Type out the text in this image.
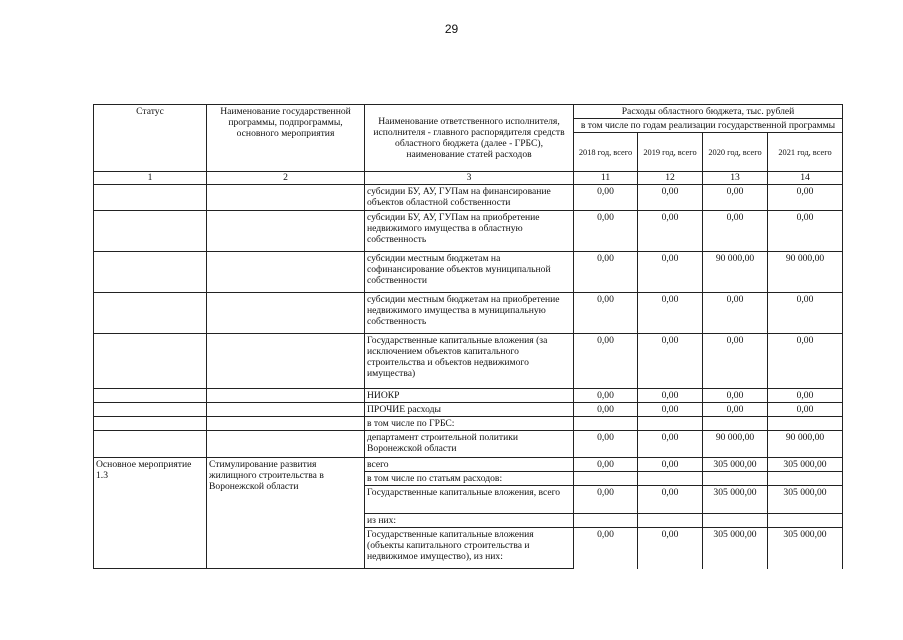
29
Статус	Наименование государственной программы, подпрограммы, основного мероприятия	Наименование ответственного исполнителя, исполнителя - главного распорядителя средств областного бюджета (далее - ГРБС), наименование статей расходов	Расходы областного бюджета, тыс. рублей			
			в том числе по годам реализации государственной программы			
			2018 год, всего	2019 год, всего	2020 год, всего	2021 год, всего
1	2	3	11	12	13	14
		субсидии БУ, АУ, ГУПам на финансирование объектов областной собственности	0,00	0,00	0,00	0,00
		субсидии БУ, АУ, ГУПам на приобретение недвижимого имущества в областную собственность	0,00	0,00	0,00	0,00
		субсидии местным бюджетам на софинансирование объектов муниципальной собственности	0,00	0,00	90 000,00	90 000,00
		субсидии местным бюджетам на приобретение недвижимого имущества в муниципальную собственность	0,00	0,00	0,00	0,00
		Государственные капитальные вложения (за исключением объектов капитального строительства и объектов недвижимого имущества)	0,00	0,00	0,00	0,00
		НИОКР	0,00	0,00	0,00	0,00
		ПРОЧИЕ расходы	0,00	0,00	0,00	0,00
		в том числе по ГРБС:				
		департамент строительной политики Воронежской области	0,00	0,00	90 000,00	90 000,00
Основное мероприятие 1.3	Стимулирование развития жилищного строительства в Воронежской области	всего	0,00	0,00	305 000,00	305 000,00
		в том числе по статьям расходов:				
		Государственные капитальные вложения, всего	0,00	0,00	305 000,00	305 000,00
		из них:				
		Государственные капитальные вложения (объекты капитального строительства и недвижимое имущество), из них:	0,00	0,00	305 000,00	305 000,00
